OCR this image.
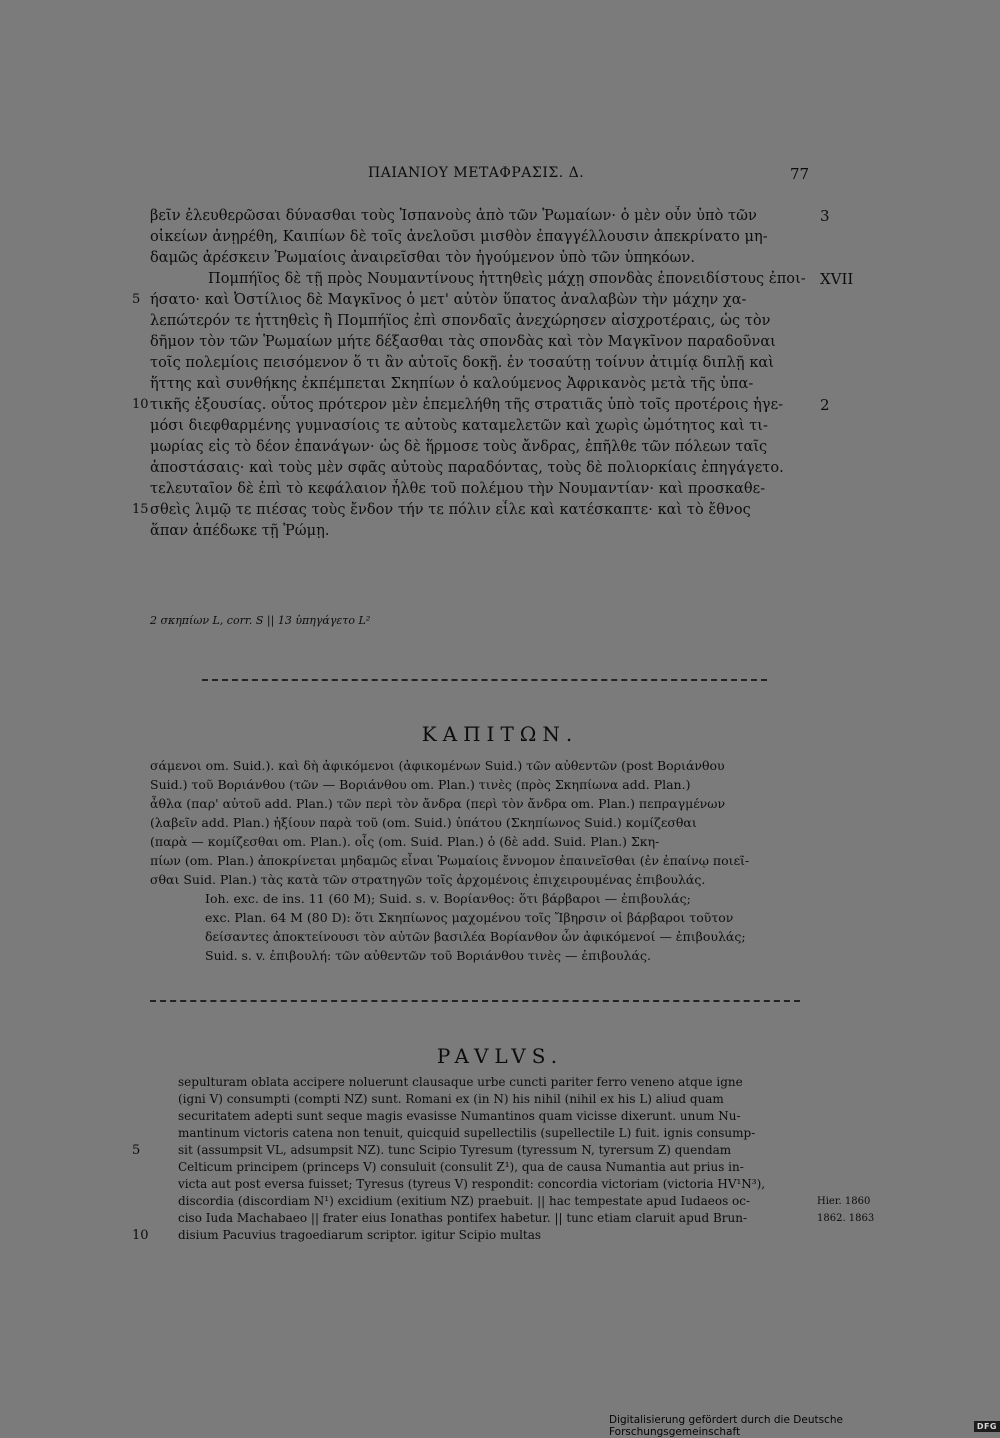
ΠΑΙΑΝΙΟΥ ΜΕΤΑΦΡΑΣΙΣ. Δ.	77
βεῖν ἐλευθερῶσαι δύνασθαι τοὺς Ἰσπανοὺς ἀπὸ τῶν Ῥωμαίων· ὁ μὲν οὖν ὑπὸ τῶν
οἰκείων ἀνῃρέθη, Καιπίων δὲ τοῖς ἀνελοῦσι μισθὸν ἐπαγγέλλουσιν ἀπεκρίνατο μη-
δαμῶς ἀρέσκειν Ῥωμαίοις ἀναιρεῖσθαι τὸν ἡγούμενον ὑπὸ τῶν ὑπηκόων.
Πομπήϊος δὲ τῇ πρὸς Νουμαντίνους ἡττηθεὶς μάχῃ σπονδὰς ἐπονειδίστους ἐποι-
ήσατο· καὶ Ὀστίλιος δὲ Μαγκῖνος ὁ μετ' αὐτὸν ὕπατος ἀναλαβὼν τὴν μάχην χα-
λεπώτερόν τε ἡττηθεὶς ἢ Πομπήϊος ἐπὶ σπονδαῖς ἀνεχώρησεν αἰσχροτέραις, ὡς τὸν
δῆμον τὸν τῶν Ῥωμαίων μήτε δέξασθαι τὰς σπονδὰς καὶ τὸν Μαγκῖνον παραδοῦναι
τοῖς πολεμίοις πεισόμενον ὅ τι ἂν αὐτοῖς δοκῇ. ἐν τοσαύτῃ τοίνυν ἀτιμίᾳ διπλῇ καὶ
ἥττης καὶ συνθήκης ἐκπέμπεται Σκηπίων ὁ καλούμενος Ἀφρικανὸς μετὰ τῆς ὑπα-
τικῆς ἐξουσίας. οὗτος πρότερον μὲν ἐπεμελήθη τῆς στρατιᾶς ὑπὸ τοῖς προτέροις ἡγε-
μόσι διεφθαρμένης γυμνασίοις τε αὐτοὺς καταμελετῶν καὶ χωρὶς ὠμότητος καὶ τι-
μωρίας εἰς τὸ δέον ἐπανάγων· ὡς δὲ ἥρμοσε τοὺς ἄνδρας, ἐπῆλθε τῶν πόλεων ταῖς
ἀποστάσαις· καὶ τοὺς μὲν σφᾶς αὐτοὺς παραδόντας, τοὺς δὲ πολιορκίαις ἐπηγάγετο.
τελευταῖον δὲ ἐπὶ τὸ κεφάλαιον ἦλθε τοῦ πολέμου τὴν Νουμαντίαν· καὶ προσκαθε-
σθεὶς λιμῷ τε πιέσας τοὺς ἔνδον τήν τε πόλιν εἷλε καὶ κατέσκαπτε· καὶ τὸ ἔθνος
ἅπαν ἀπέδωκε τῇ Ῥώμῃ.
5
10
15
3
XVII
2
2 σκηπίων L, corr. S || 13 ὑπηγάγετο L²
ΚΑΠΙΤΩΝ.
σάμενοι om. Suid.). καὶ δὴ ἀφικόμενοι (ἀφικομένων Suid.) τῶν αὐθεντῶν (post Βοριάνθου
Suid.) τοῦ Βοριάνθου (τῶν — Βοριάνθου om. Plan.) τινὲς (πρὸς Σκηπίωνα add. Plan.)
ἆθλα (παρ' αὐτοῦ add. Plan.) τῶν περὶ τὸν ἄνδρα (περὶ τὸν ἄνδρα om. Plan.) πεπραγμένων
(λαβεῖν add. Plan.) ἠξίουν παρὰ τοῦ (om. Suid.) ὑπάτου (Σκηπίωνος Suid.) κομίζεσθαι
(παρὰ — κομίζεσθαι om. Plan.). οἷς (om. Suid. Plan.) ὁ (δὲ add. Suid. Plan.) Σκη-
πίων (om. Plan.) ἀποκρίνεται μηδαμῶς εἶναι Ῥωμαίοις ἔννομον ἐπαινεῖσθαι (ἐν ἐπαίνῳ ποιεῖ-
σθαι Suid. Plan.) τὰς κατὰ τῶν στρατηγῶν τοῖς ἀρχομένοις ἐπιχειρουμένας ἐπιβουλάς.
Ioh. exc. de ins. 11 (60 M); Suid. s. v. Βορίανθος: ὅτι βάρβαροι — ἐπιβουλάς;
exc. Plan. 64 M (80 D): ὅτι Σκηπίωνος μαχομένου τοῖς Ἴβηρσιν οἱ βάρβαροι τοῦτον
δείσαντες ἀποκτείνουσι τὸν αὐτῶν βασιλέα Βορίανθον ὧν ἀφικόμενοί — ἐπιβουλάς;
Suid. s. v. ἐπιβουλή: τῶν αὐθεντῶν τοῦ Βοριάνθου τινὲς — ἐπιβουλάς.
PAVLVS.
sepulturam oblata accipere noluerunt clausaque urbe cuncti pariter ferro veneno atque igne
(igni V) consumpti (compti NZ) sunt. Romani ex (in N) his nihil (nihil ex his L) aliud quam
securitatem adepti sunt seque magis evasisse Numantinos quam vicisse dixerunt. unum Nu-
mantinum victoris catena non tenuit, quicquid supellectilis (supellectile L) fuit. ignis consump-
sit (assumpsit VL, adsumpsit NZ). tunc Scipio Tyresum (tyressum N, tyrersum Z) quendam
Celticum principem (princeps V) consuluit (consulit Z¹), qua de causa Numantia aut prius in-
victa aut post eversa fuisset; Tyresus (tyreus V) respondit: concordia victoriam (victoria HV¹N³),
discordia (discordiam N¹) excidium (exitium NZ) praebuit. || hac tempestate apud Iudaeos oc-
ciso Iuda Machabaeo || frater eius Ionathas pontifex habetur. || tunc etiam claruit apud Brun-
disium Pacuvius tragoediarum scriptor. igitur Scipio multas
5
10
Hier. 1860
1862. 1863
Digitalisierung gefördert durch die Deutsche Forschungsgemeinschaft	DFG
